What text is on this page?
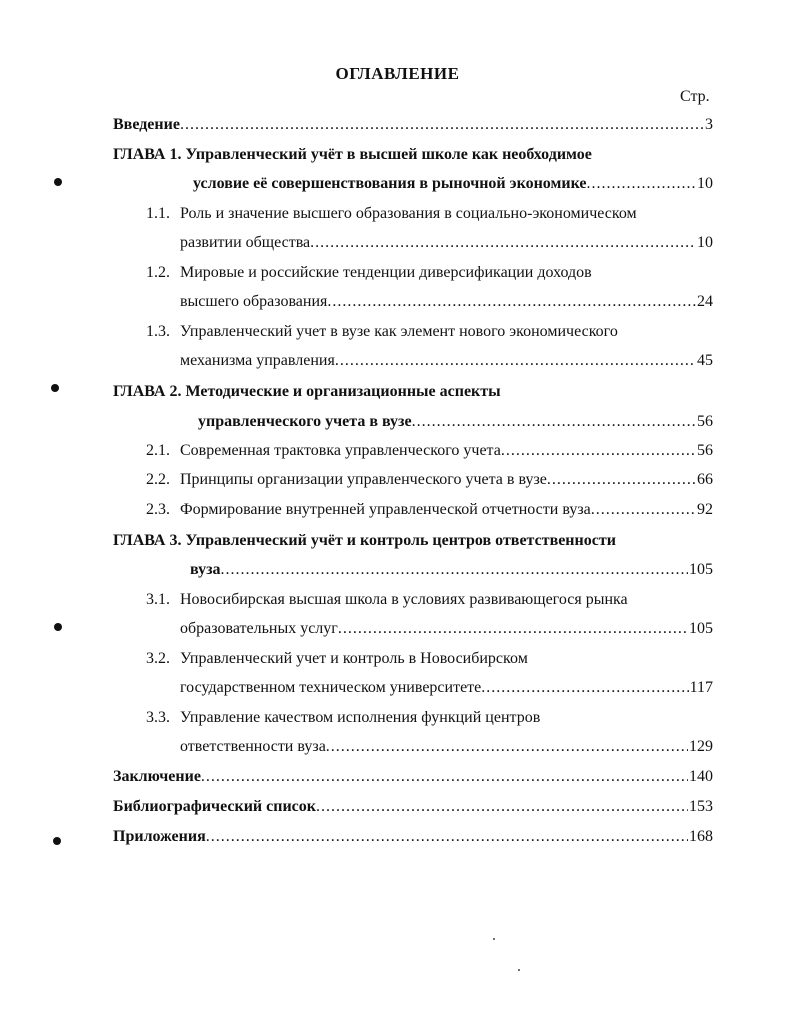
ОГЛАВЛЕНИЕ
Стр.
Введение .....	3
ГЛАВА 1. Управленческий учёт в высшей школе как необходимое
условие её совершенствования в рыночной экономике .....	10
1.1. Роль и значение высшего образования в социально-экономическом
развитии общества .....	10
1.2. Мировые и российские тенденции диверсификации доходов
высшего образования .....	24
1.3. Управленческий учет в вузе как элемент нового экономического
механизма управления .....	45
ГЛАВА 2. Методические и организационные аспекты
управленческого учета в вузе .....	56
2.1. Современная трактовка управленческого учета .....	56
2.2. Принципы организации управленческого учета в вузе .....	66
2.3. Формирование внутренней управленческой отчетности вуза .....	92
ГЛАВА 3. Управленческий учёт и контроль центров ответственности
вуза .....	105
3.1. Новосибирская высшая школа в условиях развивающегося рынка
образовательных услуг .....	105
3.2. Управленческий учет и контроль в Новосибирском
государственном техническом университете .....	117
3.3. Управление качеством исполнения функций центров
ответственности вуза .....	129
Заключение .....	140
Библиографический список .....	153
Приложения .....	168
